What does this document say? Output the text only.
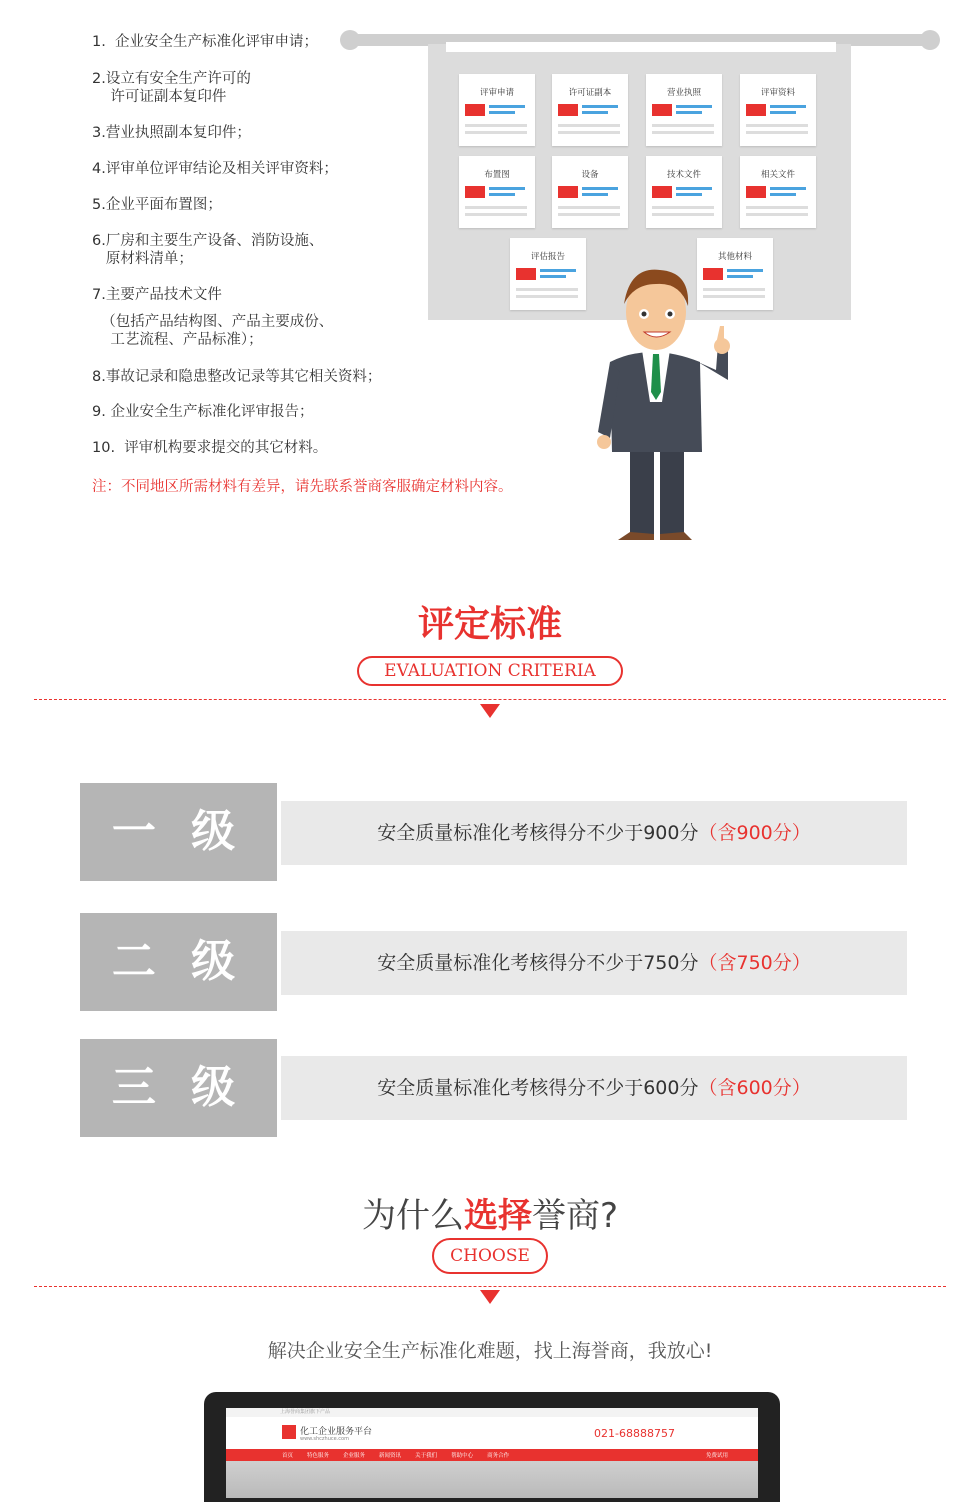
1.  企业安全生产标准化评审申请；
2.设立有安全生产许可的
许可证副本复印件
3.营业执照副本复印件；
4.评审单位评审结论及相关评审资料；
5.企业平面布置图；
6.厂房和主要生产设备、消防设施、
原材料清单；
7.主要产品技术文件
（包括产品结构图、产品主要成份、
工艺流程、产品标准）；
8.事故记录和隐患整改记录等其它相关资料；
9. 企业安全生产标准化评审报告；
10.  评审机构要求提交的其它材料。
注：不同地区所需材料有差异，请先联系誉商客服确定材料内容。
评审申请	许可证副本	营业执照	评审资料
布置图	设备	技术文件	相关文件
评估报告	其他材料
评定标准
EVALUATION CRITERIA
一 级	安全质量标准化考核得分不少于900分（含900分）
二 级	安全质量标准化考核得分不少于750分（含750分）
三 级	安全质量标准化考核得分不少于600分（含600分）
为什么选择誉商?
CHOOSE
解决企业安全生产标准化难题，找上海誉商，我放心!
上海誉商集团旗下产品
化工企业服务平台
www.shczhuce.com	021-68888757
首页	特色服务	企业服务	新闻资讯	关于我们	帮助中心	商务合作	免费试用
